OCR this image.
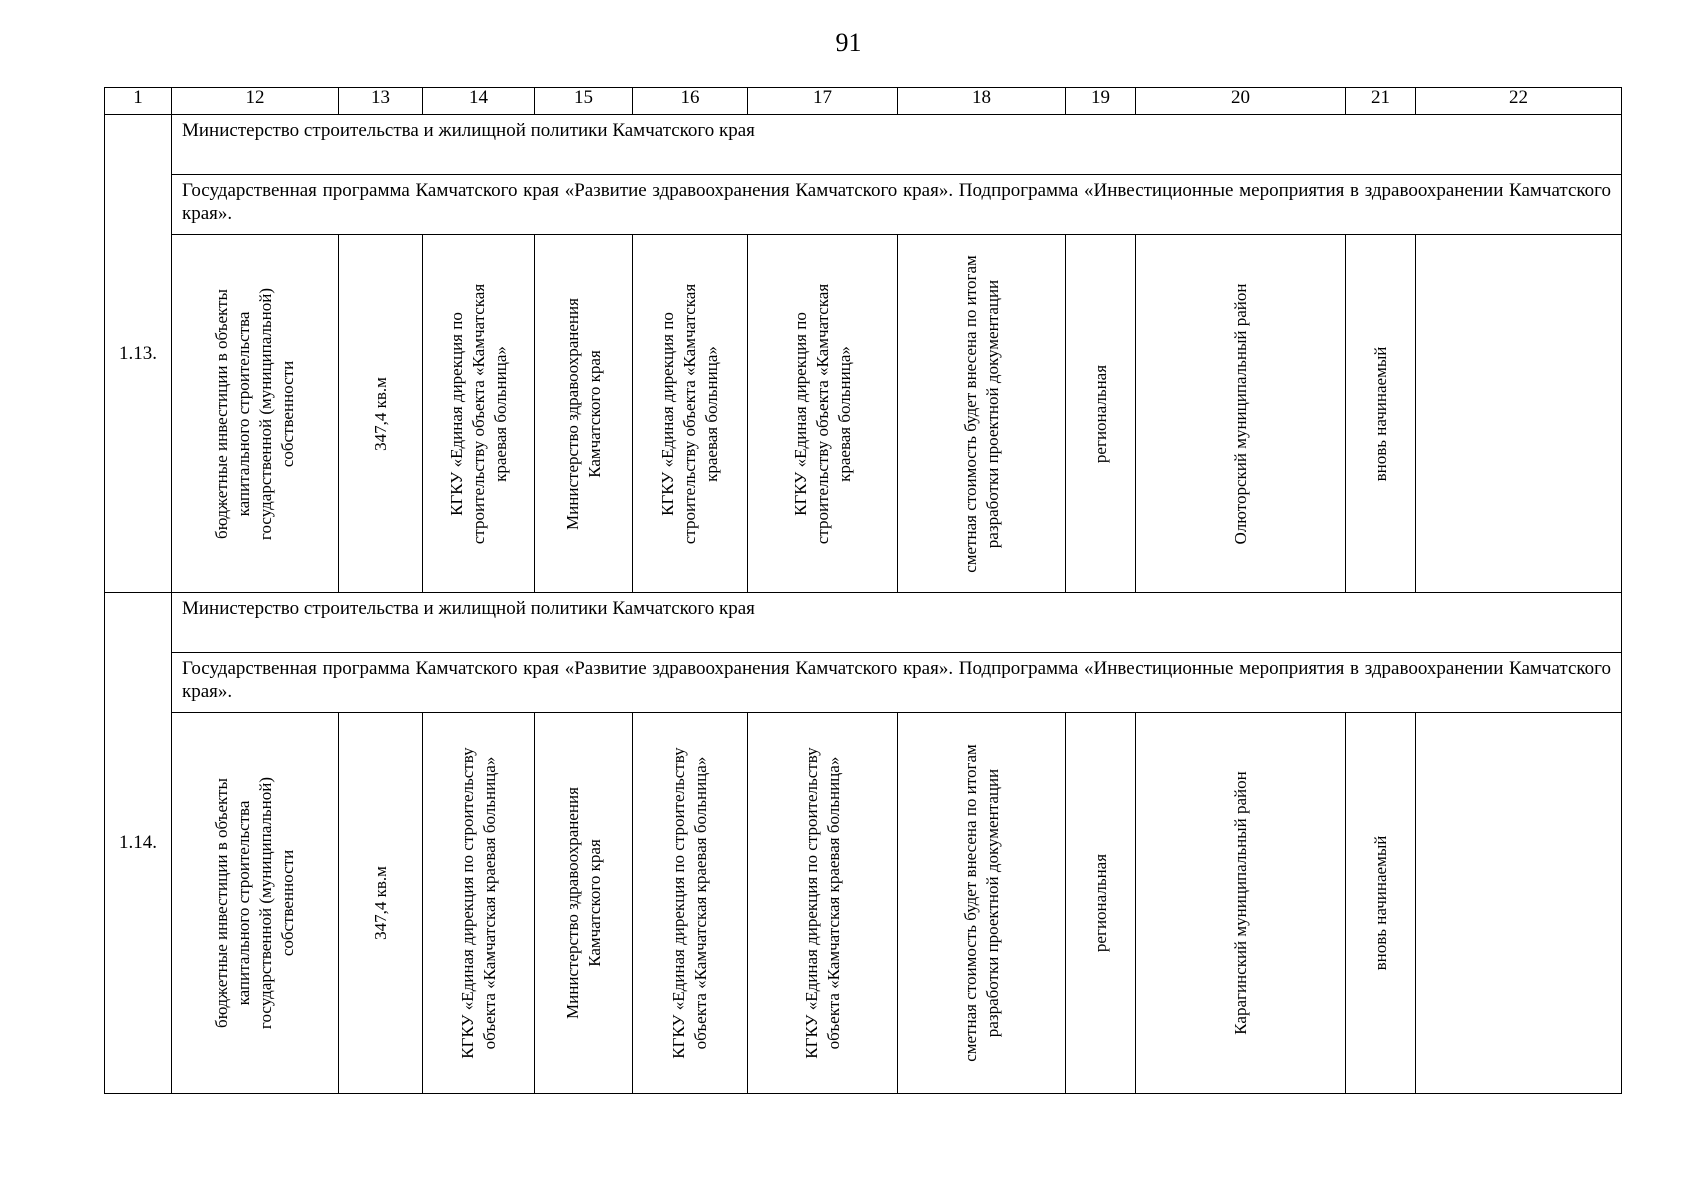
91
1	12	13	14	15	16	17	18	19	20	21	22
1.13.	Министерство строительства и жилищной политики Камчатского края										
	Государственная программа Камчатского края «Развитие здравоохранения Камчатского края». Подпрограмма «Инвестиционные мероприятия в здравоохранении Камчатского края».										

	бюджетные инвестиции в объекты капитального строительства государственной (муниципальной) собственности	347,4 кв.м	КГКУ «Единая дирекция по строительству объекта «Камчатская краевая больница»	Министерство здравоохранения Камчатского края	КГКУ «Единая дирекция по строительству объекта «Камчатская краевая больница»	КГКУ «Единая дирекция по строительству объекта «Камчатская краевая больница»	сметная стоимость будет внесена по итогам разработки проектной документации	региональная	Олюторский муниципальный район	вновь начинаемый	

1.14.	Министерство строительства и жилищной политики Камчатского края										
	Государственная программа Камчатского края «Развитие здравоохранения Камчатского края». Подпрограмма «Инвестиционные мероприятия в здравоохранении Камчатского края».										

	бюджетные инвестиции в объекты капитального строительства государственной (муниципальной) собственности	347,4 кв.м	КГКУ «Единая дирекция по строительству объекта «Камчатская краевая больница»	Министерство здравоохранения Камчатского края	КГКУ «Единая дирекция по строительству объекта «Камчатская краевая больница»	КГКУ «Единая дирекция по строительству объекта «Камчатская краевая больница»	сметная стоимость будет внесена по итогам разработки проектной документации	региональная	Карагинский муниципальный район	вновь начинаемый	
